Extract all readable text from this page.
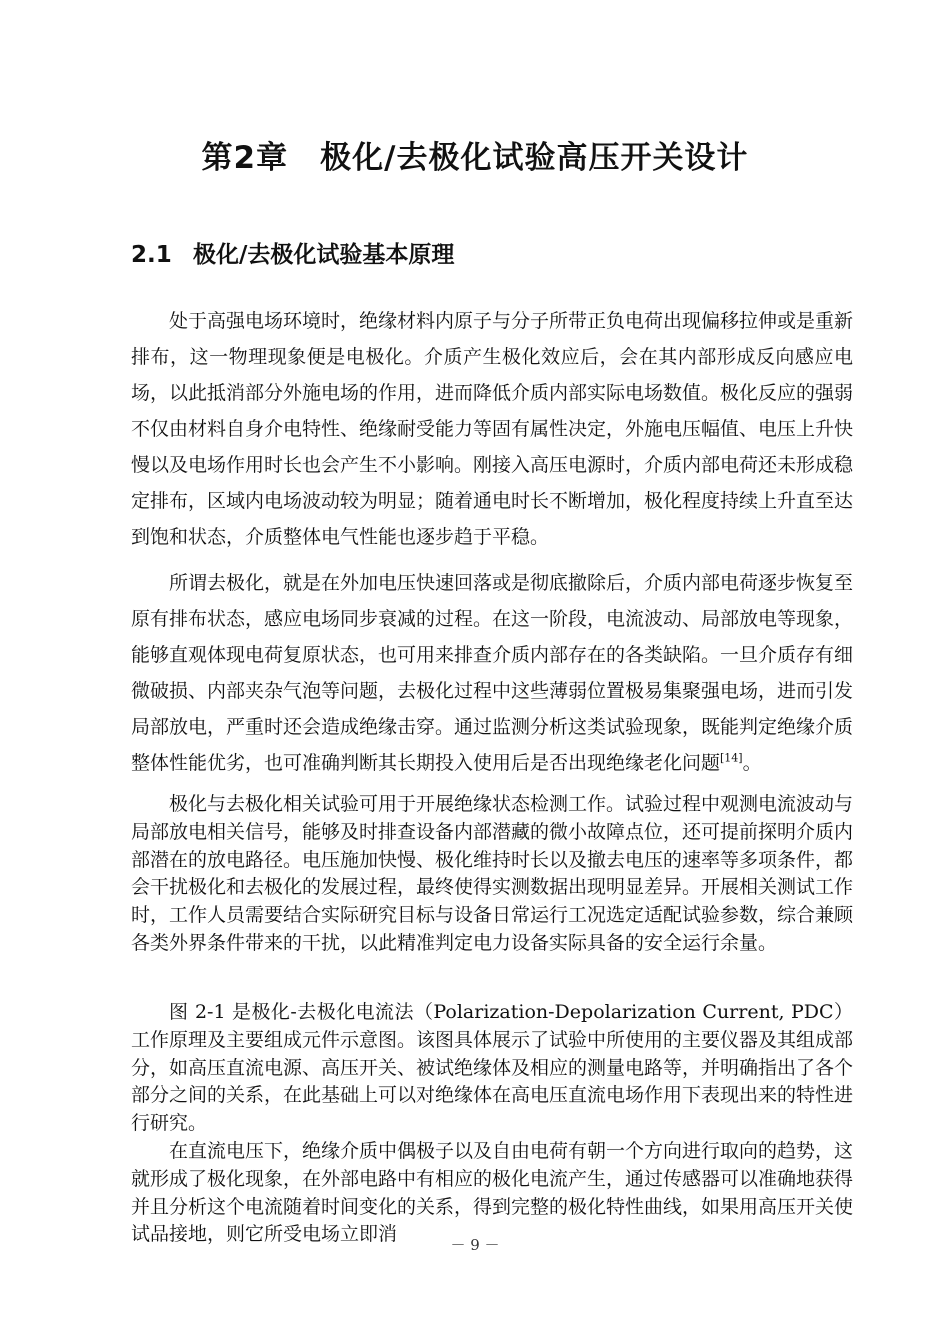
第2章　极化/去极化试验高压开关设计
2.1 极化/去极化试验基本原理

处于高强电场环境时，绝缘材料内原子与分子所带正负电荷出现偏移拉伸或是重新排布，这一物理现象便是电极化。介质产生极化效应后，会在其内部形成反向感应电场，以此抵消部分外施电场的作用，进而降低介质内部实际电场数值。极化反应的强弱不仅由材料自身介电特性、绝缘耐受能力等固有属性决定，外施电压幅值、电压上升快慢以及电场作用时长也会产生不小影响。刚接入高压电源时，介质内部电荷还未形成稳定排布，区域内电场波动较为明显；随着通电时长不断增加，极化程度持续上升直至达到饱和状态，介质整体电气性能也逐步趋于平稳。

所谓去极化，就是在外加电压快速回落或是彻底撤除后，介质内部电荷逐步恢复至原有排布状态，感应电场同步衰减的过程。在这一阶段，电流波动、局部放电等现象，能够直观体现电荷复原状态，也可用来排查介质内部存在的各类缺陷。一旦介质存有细微破损、内部夹杂气泡等问题，去极化过程中这些薄弱位置极易集聚强电场，进而引发局部放电，严重时还会造成绝缘击穿。通过监测分析这类试验现象，既能判定绝缘介质整体性能优劣，也可准确判断其长期投入使用后是否出现绝缘老化问题[14]。

极化与去极化相关试验可用于开展绝缘状态检测工作。试验过程中观测电流波动与局部放电相关信号，能够及时排查设备内部潜藏的微小故障点位，还可提前探明介质内部潜在的放电路径。电压施加快慢、极化维持时长以及撤去电压的速率等多项条件，都会干扰极化和去极化的发展过程，最终使得实测数据出现明显差异。开展相关测试工作时，工作人员需要结合实际研究目标与设备日常运行工况选定适配试验参数，综合兼顾各类外界条件带来的干扰，以此精准判定电力设备实际具备的安全运行余量。

图 2-1 是极化-去极化电流法（Polarization-Depolarization Current, PDC）工作原理及主要组成元件示意图。该图具体展示了试验中所使用的主要仪器及其组成部分，如高压直流电源、高压开关、被试绝缘体及相应的测量电路等，并明确指出了各个部分之间的关系，在此基础上可以对绝缘体在高电压直流电场作用下表现出来的特性进行研究。

在直流电压下，绝缘介质中偶极子以及自由电荷有朝一个方向进行取向的趋势，这就形成了极化现象，在外部电路中有相应的极化电流产生，通过传感器可以准确地获得并且分析这个电流随着时间变化的关系，得到完整的极化特性曲线，如果用高压开关使试品接地，则它所受电场立即消	－ 9 －
